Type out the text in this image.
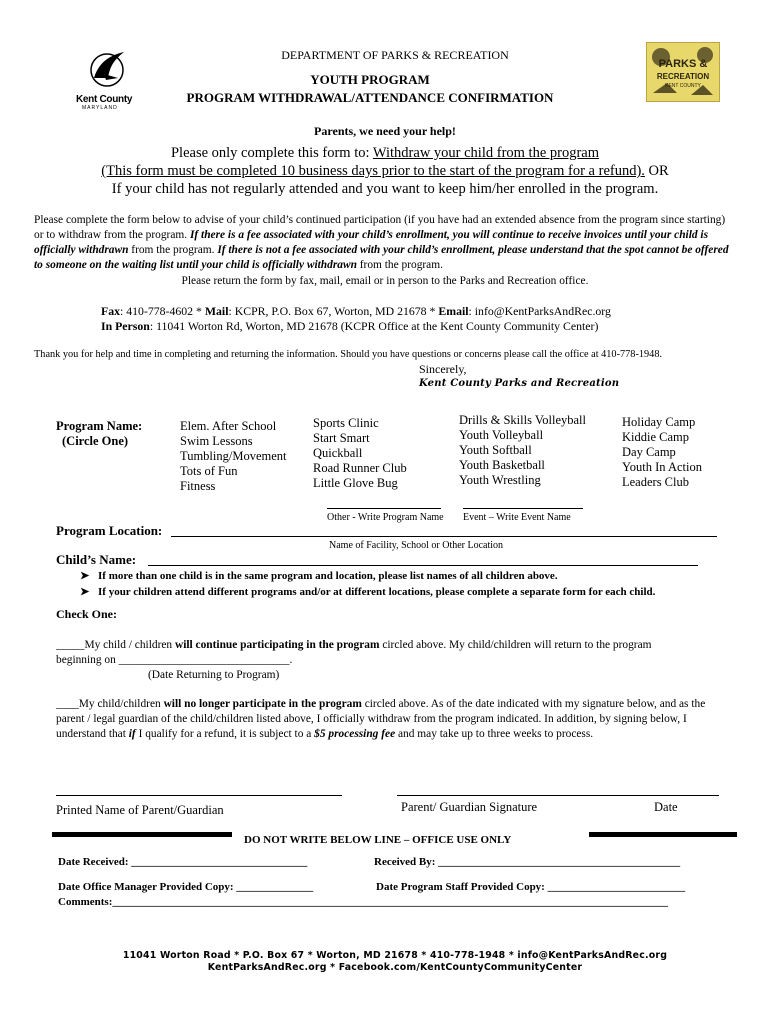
Kent County
MARYLAND
PARKS &
RECREATION
KENT COUNTY
DEPARTMENT OF PARKS & RECREATION
YOUTH PROGRAM
PROGRAM WITHDRAWAL/ATTENDANCE CONFIRMATION
Parents, we need your help!
Please only complete this form to: Withdraw your child from the program
(This form must be completed 10 business days prior to the start of the program for a refund). OR
If your child has not regularly attended and you want to keep him/her enrolled in the program.
Please complete the form below to advise of your child’s continued participation (if you have had an extended absence from the program since starting) or to withdraw from the program. If there is a fee associated with your child’s enrollment, you will continue to receive invoices until your child is officially withdrawn from the program. If there is not a fee associated with your child’s enrollment, please understand that the spot cannot be offered to someone on the waiting list until your child is officially withdrawn from the program.
Please return the form by fax, mail, email or in person to the Parks and Recreation office.
Fax: 410-778-4602 * Mail: KCPR, P.O. Box 67, Worton, MD 21678 * Email: info@KentParksAndRec.org
In Person: 11041 Worton Rd, Worton, MD 21678 (KCPR Office at the Kent County Community Center)
Thank you for help and time in completing and returning the information. Should you have questions or concerns please call the office at 410-778-1948.
Sincerely,
Kent County Parks and Recreation
Program Name:
(Circle One)
Elem. After School
Swim Lessons
Tumbling/Movement
Tots of Fun
Fitness
Sports Clinic
Start Smart
Quickball
Road Runner Club
Little Glove Bug
Drills & Skills Volleyball
Youth Volleyball
Youth Softball
Youth Basketball
Youth Wrestling
Holiday Camp
Kiddie Camp
Day Camp
Youth In Action
Leaders Club
Other - Write Program Name Event – Write Event Name
Program Location:
Name of Facility, School or Other Location
Child’s Name:
➤ If more than one child is in the same program and location, please list names of all children above.
➤ If your children attend different programs and/or at different locations, please complete a separate form for each child.
Check One:
_____My child / children will continue participating in the program circled above. My child/children will return to the program
beginning on ______________________________.
(Date Returning to Program)
____My child/children will no longer participate in the program circled above. As of the date indicated with my signature below, and as the parent / legal guardian of the child/children listed above, I officially withdraw from the program indicated. In addition, by signing below, I understand that if I qualify for a refund, it is subject to a $5 processing fee and may take up to three weeks to process.
Printed Name of Parent/Guardian	Parent/ Guardian Signature	Date
DO NOT WRITE BELOW LINE – OFFICE USE ONLY
Date Received: ________________________________	Received By: ____________________________________________
Date Office Manager Provided Copy: ______________	Date Program Staff Provided Copy: _________________________
Comments:_____________________________________________________________________________________________________
11041 Worton Road * P.O. Box 67 * Worton, MD 21678 * 410-778-1948 * info@KentParksAndRec.org
KentParksAndRec.org * Facebook.com/KentCountyCommunityCenter
